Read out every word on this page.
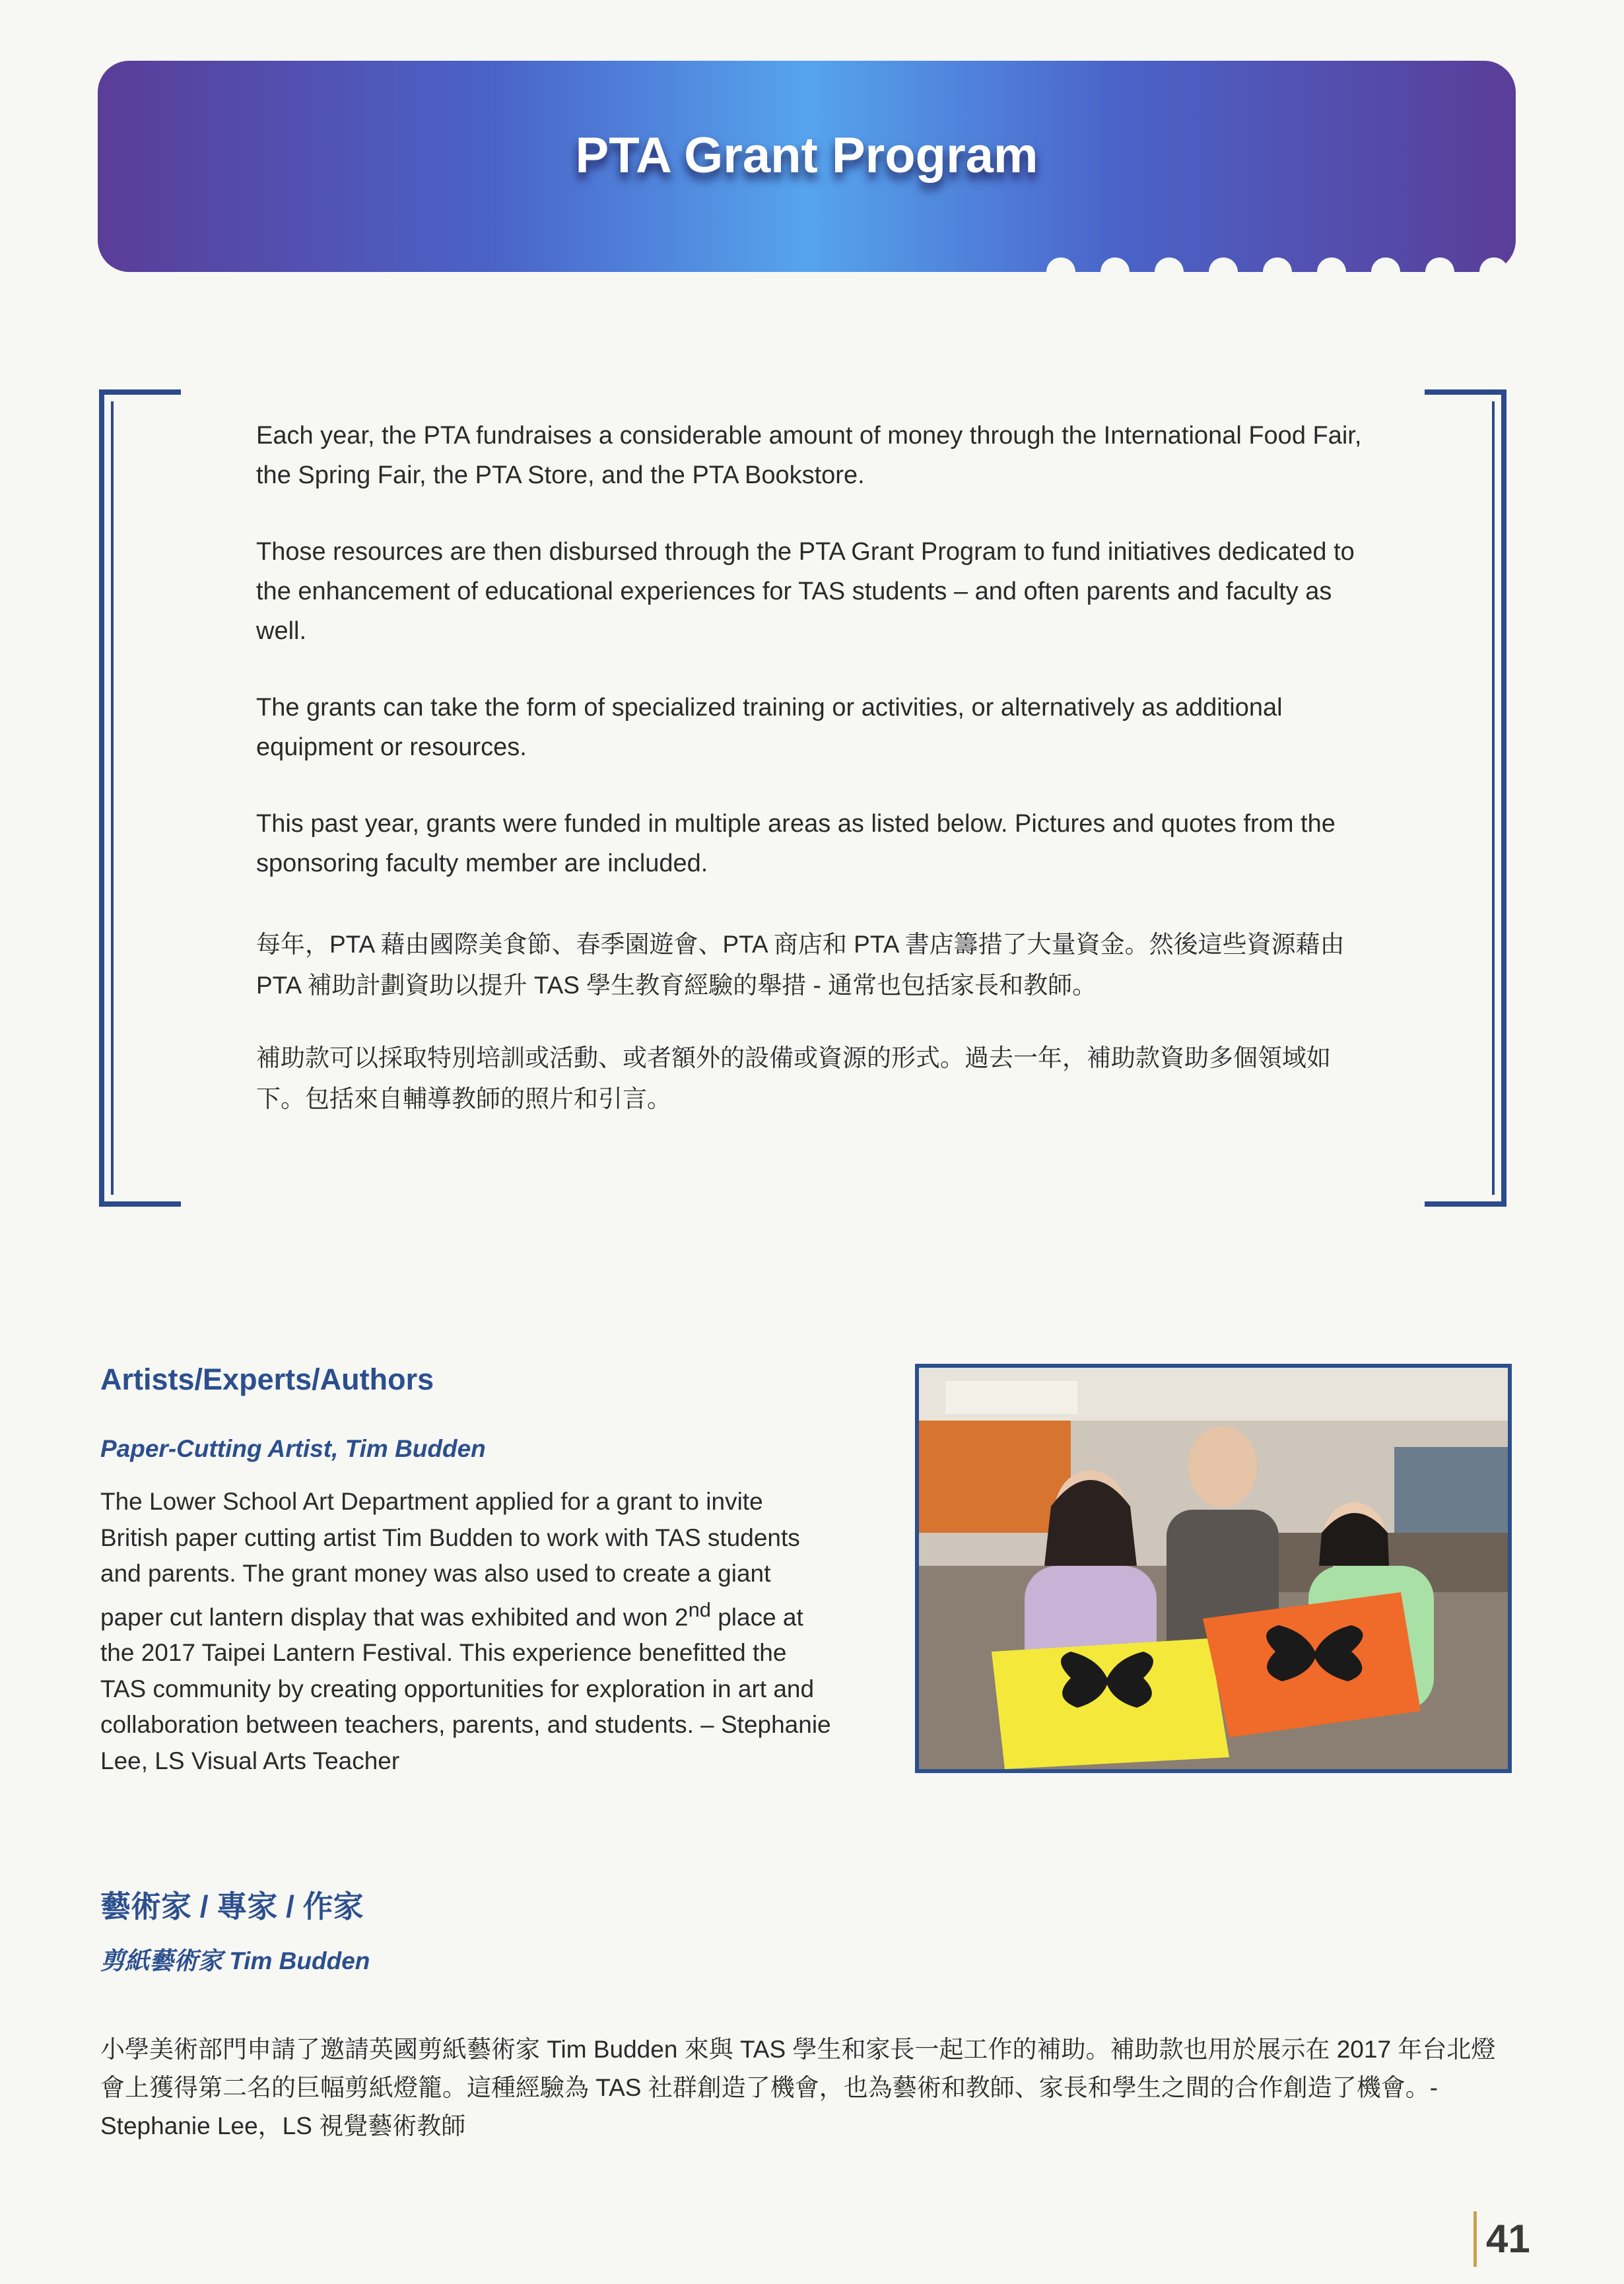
PTA Grant Program

Each year, the PTA fundraises a considerable amount of money through the International Food Fair, the Spring Fair, the PTA Store, and the PTA Bookstore.

Those resources are then disbursed through the PTA Grant Program to fund initiatives dedicated to the enhancement of educational experiences for TAS students – and often parents and faculty as well.

The grants can take the form of specialized training or activities, or alternatively as additional equipment or resources.

This past year, grants were funded in multiple areas as listed below. Pictures and quotes from the sponsoring faculty member are included.

每年，PTA 藉由國際美食節、春季園遊會、PTA 商店和 PTA 書店籌措了大量資金。然後這些資源藉由 PTA 補助計劃資助以提升 TAS 學生教育經驗的舉措 - 通常也包括家長和教師。

補助款可以採取特別培訓或活動、或者額外的設備或資源的形式。過去一年，補助款資助多個領域如下。包括來自輔導教師的照片和引言。

Artists/Experts/Authors
Paper-Cutting Artist, Tim Budden

The Lower School Art Department applied for a grant to invite British paper cutting artist Tim Budden to work with TAS students and parents. The grant money was also used to create a giant paper cut lantern display that was exhibited and won 2nd place at the 2017 Taipei Lantern Festival. This experience benefitted the TAS community by creating opportunities for exploration in art and collaboration between teachers, parents, and students. – Stephanie Lee, LS Visual Arts Teacher

藝術家 / 專家 / 作家
剪紙藝術家 Tim Budden

小學美術部門申請了邀請英國剪紙藝術家 Tim Budden 來與 TAS 學生和家長一起工作的補助。補助款也用於展示在 2017 年台北燈會上獲得第二名的巨幅剪紙燈籠。這種經驗為 TAS 社群創造了機會，也為藝術和教師、家長和學生之間的合作創造了機會。-Stephanie Lee，LS 視覺藝術教師

41
